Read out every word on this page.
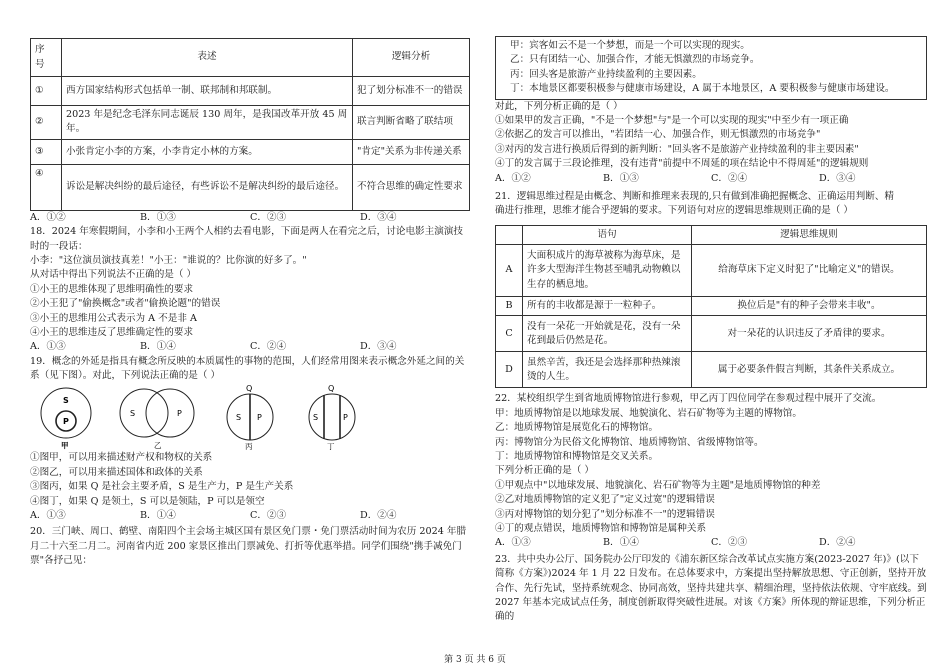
序
号	表述	逻辑分析
①	西方国家结构形式包括单一制、联邦制和邦联制。	犯了划分标准不一的错误
②	2023 年是纪念毛泽东同志诞辰 130 周年，是我国改革开放 45 周年。	联言判断省略了联结项
③	小张肯定小李的方案，小李肯定小林的方案。	"肯定"关系为非传递关系
④	诉讼是解决纠纷的最后途径，有些诉讼不是解决纠纷的最后途径。	不符合思维的确定性要求
A．①②	B．①③	C．②③	D．③④

18．2024 年寒假期间，小李和小王两个人相约去看电影，下面是两人在看完之后，讨论电影主演演技

时的一段话：

小李："这位演员演技真差！"小王："谁说的？比你演的好多了。"

从对话中得出下列说法不正确的是（ ）

①小王的思维体现了思维明确性的要求

②小王犯了"偷换概念"或者"偷换论题"的错误

③小王的思维用公式表示为 A 不是非 A

④小王的思维违反了思维确定性的要求

A．①③	B．①④	C．②④	D．③④

19．概念的外延是指具有概念所反映的本质属性的事物的范围，人们经常用图来表示概念外延之间的关

系（见下图）。对此，下列说法正确的是（ ）

S
P
甲
S	P
乙
Q
S P
丙
Q
S	P
丁

①图甲，可以用来描述财产权和物权的关系

②图乙，可以用来描述国体和政体的关系

③图丙，如果 Q 是社会主要矛盾，S 是生产力，P 是生产关系

④图丁，如果 Q 是领土，S 可以是领陆，P 可以是领空

A．①③	B．①④	C．②③	D．②④

20．三门峡、周口、鹤壁、南阳四个主会场主城区国有景区免门票・免门票活动时间为农历 2024 年腊

月二十六至二月二。河南省内近 200 家景区推出门票减免、打折等优惠举措。同学们围绕"携手减免门

票"各抒己见：

甲：宾客如云不是一个梦想，而是一个可以实现的现实。

乙：只有团结一心、加强合作，才能无惧激烈的市场竞争。

丙：回头客是旅游产业持续盈利的主要因素。

丁：本地景区都要积极参与健康市场建设，A 属于本地景区，A 要积极参与健康市场建设。

对此，下列分析正确的是（ ）

①如果甲的发言正确，"不是一个梦想"与"是一个可以实现的现实"中至少有一项正确

②依据乙的发言可以推出，"若团结一心、加强合作，则无惧激烈的市场竞争"

③对丙的发言进行换质后得到的新判断："回头客不是旅游产业持续盈利的非主要因素"

④丁的发言属于三段论推理，没有违背"前提中不周延的项在结论中不得周延"的逻辑规则

A．①②	B．①③	C．②④	D．③④

21．逻辑思维过程是由概念、判断和推理来表现的,只有做到准确把握概念、正确运用判断、精

确进行推理，思维才能合乎逻辑的要求。下列语句对应的逻辑思维规则正确的是（ ）

	语句	逻辑思维规则
A	大面积成片的海草被称为海草床，是许多大型海洋生物甚至哺乳动物赖以生存的栖息地。	给海草床下定义时犯了"比喻定义"的错误。
B	所有的丰收都是源于一粒种子。	换位后是"有的种子会带来丰收"。
C	没有一朵花一开始就是花，没有一朵花到最后仍然是花。	对一朵花的认识违反了矛盾律的要求。
D	虽然辛苦，我还是会选择那种热辣滚烫的人生。	属于必要条件假言判断，其条件关系成立。

22．某校组织学生到省地质博物馆进行参观，甲乙丙丁四位同学在参观过程中展开了交流。

甲：地质博物馆是以地球发展、地貌演化、岩石矿物等为主题的博物馆。

乙：地质博物馆是展览化石的博物馆。

丙：博物馆分为民俗文化博物馆、地质博物馆、省级博物馆等。

丁：地质博物馆和博物馆是交叉关系。

下列分析正确的是（ ）

①甲观点中"以地球发展、地貌演化、岩石矿物等为主题"是地质博物馆的种差

②乙对地质博物馆的定义犯了"定义过宽"的逻辑错误

③丙对博物馆的划分犯了"划分标准不一"的逻辑错误

④丁的观点错误，地质博物馆和博物馆是属种关系

A．①③	B．①④	C．②③	D．②④

23．共中央办公厅、国务院办公厅印发的《浦东新区综合改革试点实施方案(2023-2027 年)》(以下简称《方案》)2024 年 1 月 22 日发布。在总体要求中，方案提出坚持解放思想、守正创新，坚持开放合作、先行先试，坚持系统观念、协同高效，坚持共建共享、精细治理，坚持依法依规、守牢底线。到 2027 年基本完成试点任务，制度创新取得突破性进展。对该《方案》所体现的辩证思维，下列分析正确的

第 3 页 共 6 页
